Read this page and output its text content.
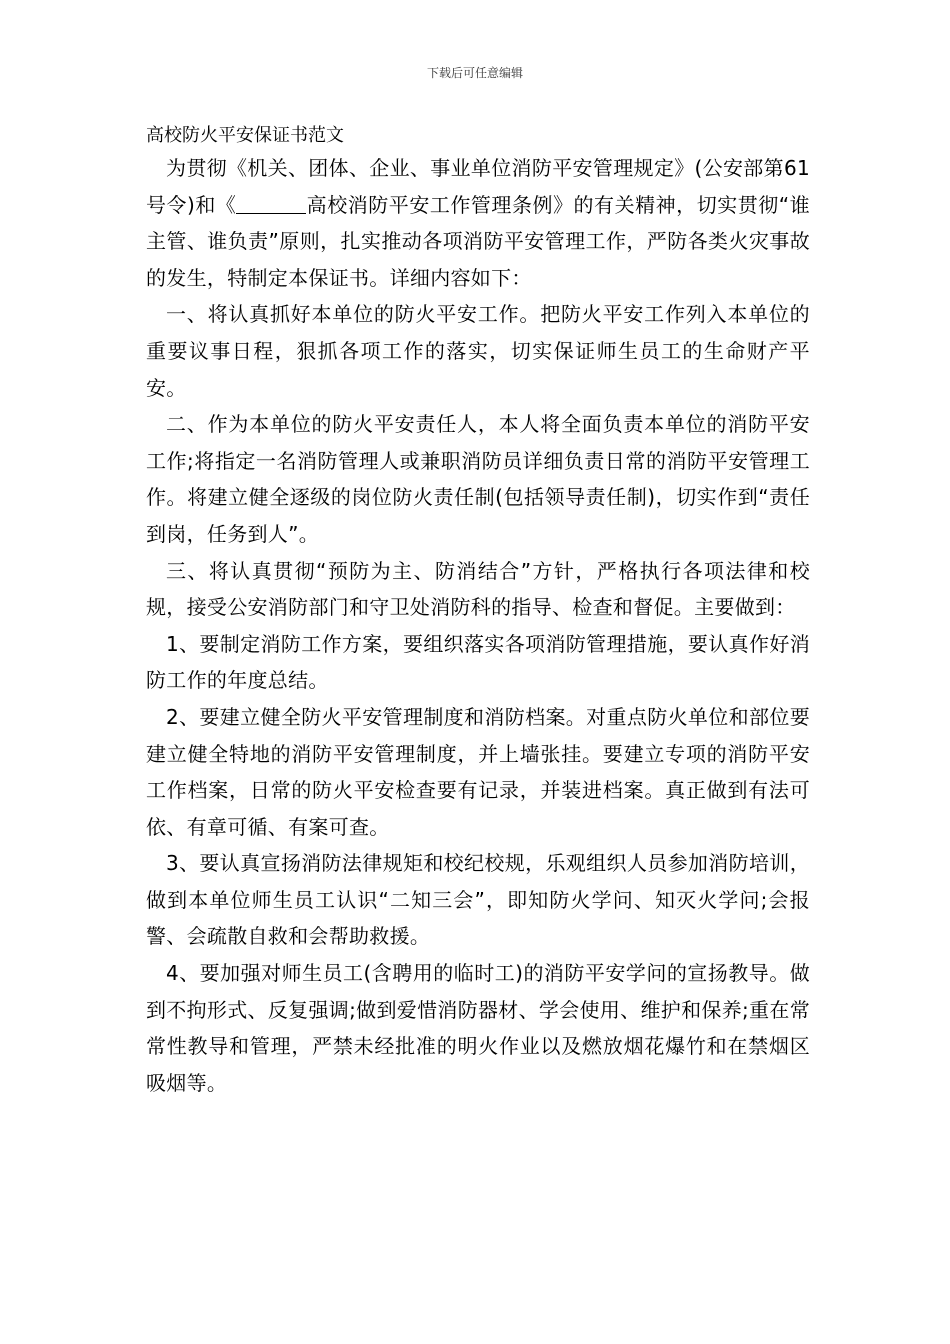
下载后可任意编辑
高校防火平安保证书范文

为贯彻《机关、团体、企业、事业单位消防平安管理规定》(公安部第61号令)和《	高校消防平安工作管理条例》的有关精神，切实贯彻“谁主管、谁负责”原则，扎实推动各项消防平安管理工作，严防各类火灾事故的发生，特制定本保证书。详细内容如下：

一、将认真抓好本单位的防火平安工作。把防火平安工作列入本单位的重要议事日程，狠抓各项工作的落实，切实保证师生员工的生命财产平安。

二、作为本单位的防火平安责任人，本人将全面负责本单位的消防平安工作;将指定一名消防管理人或兼职消防员详细负责日常的消防平安管理工作。将建立健全逐级的岗位防火责任制(包括领导责任制)，切实作到“责任到岗，任务到人”。

三、将认真贯彻“预防为主、防消结合”方针，严格执行各项法律和校规，接受公安消防部门和守卫处消防科的指导、检查和督促。主要做到：

1、要制定消防工作方案，要组织落实各项消防管理措施，要认真作好消防工作的年度总结。

2、要建立健全防火平安管理制度和消防档案。对重点防火单位和部位要建立健全特地的消防平安管理制度，并上墙张挂。要建立专项的消防平安工作档案，日常的防火平安检查要有记录，并装进档案。真正做到有法可依、有章可循、有案可查。

3、要认真宣扬消防法律规矩和校纪校规，乐观组织人员参加消防培训，做到本单位师生员工认识“二知三会”，即知防火学问、知灭火学问;会报警、会疏散自救和会帮助救援。

4、要加强对师生员工(含聘用的临时工)的消防平安学问的宣扬教导。做到不拘形式、反复强调;做到爱惜消防器材、学会使用、维护和保养;重在常常性教导和管理，严禁未经批准的明火作业以及燃放烟花爆竹和在禁烟区吸烟等。
